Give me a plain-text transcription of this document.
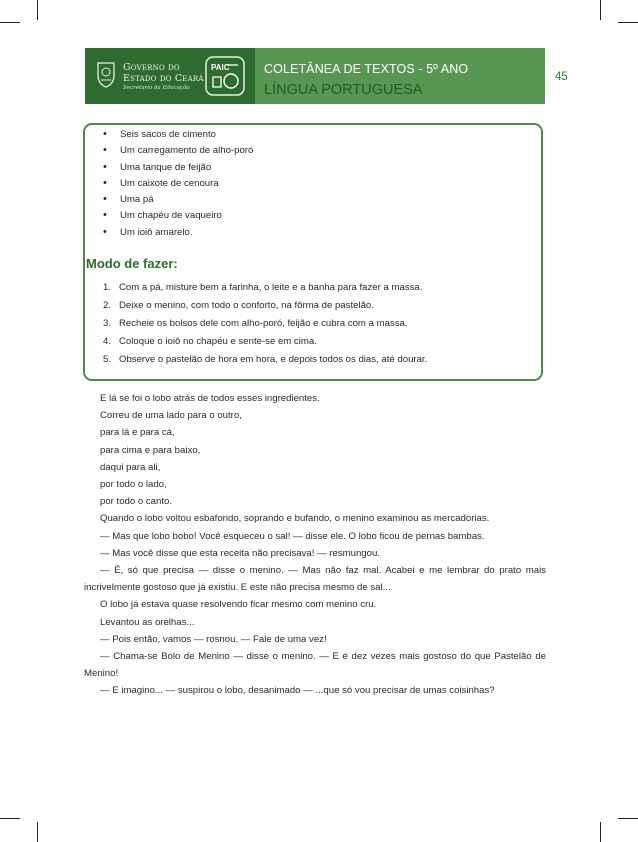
Governo do
Estado do Ceará
Secretaria da Educação
PAIC	COLETÂNEA DE TEXTOS - 5º ANO
LÍNGUA PORTUGUESA
45
• Seis sacos de cimento
• Um carregamento de alho-poró
• Uma tanque de feijão
• Um caixote de cenoura
• Uma pá
• Um chapéu de vaqueiro
• Um ioiô amarelo.
Modo de fazer:
1. Com a pá, misture bem a farinha, o leite e a banha para fazer a massa.
2. Deixe o menino, com todo o conforto, na fôrma de pastelão.
3. Recheie os bolsos dele com alho-poró, feijão e cubra com a massa.
4. Coloque o ioiô no chapéu e sente-se em cima.
5. Observe o pastelão de hora em hora, e depois todos os dias, até dourar.

E lá se foi o lobo atrás de todos esses ingredientes.

Correu de uma lado para o outro,

para lá e para cá,

para cima e para baixo,

daqui para ali,

por todo o lado,

por todo o canto.

Quando o lobo voltou esbaforido, soprando e bufando, o menino examinou as mercadorias.

— Mas que lobo bobo! Você esqueceu o sal! — disse ele. O lobo ficou de pernas bambas.

— Mas você disse que esta receita não precisava! — resmungou.

— É, só que precisa — disse o menino. — Mas não faz mal. Acabei e me lembrar do prato mais incrivelmente gostoso que já existiu. E este não precisa mesmo de sal...

O lobo já estava quase resolvendo ficar mesmo com menino cru.

Levantou as orelhas...

— Pois então, vamos — rosnou. — Fale de uma vez!

— Chama-se Bolo de Menino — disse o menino. — E é dez vezes mais gostoso do que Pastelão de Menino!

— E imagino... — suspirou o lobo, desanimado — ...que só vou precisar de umas coisinhas?
